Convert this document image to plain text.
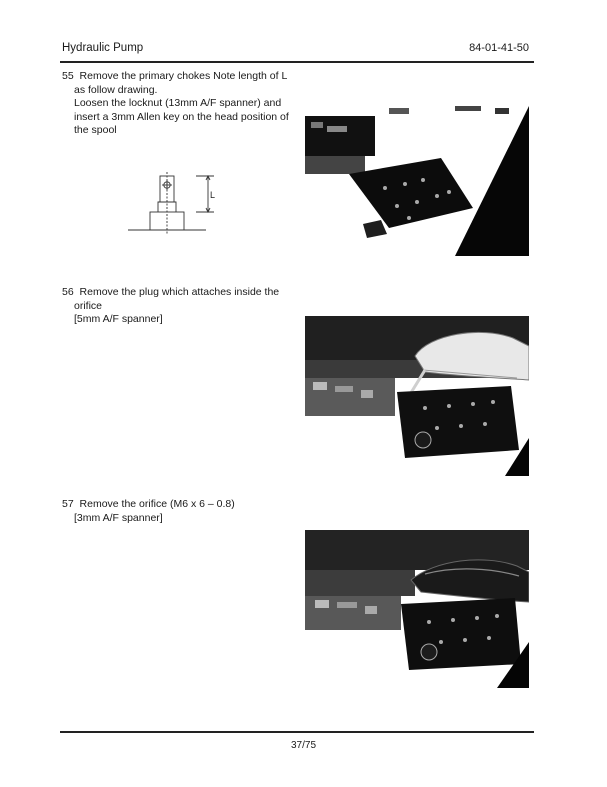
Hydraulic Pump	84-01-41-50
55 Remove the primary chokes Note length of L
as follow drawing.
Loosen the locknut (13mm A/F spanner) and
insert a 3mm Allen key on the head position of
the spool
L
56 Remove the plug which attaches inside the
orifice
[5mm A/F spanner]
57 Remove the orifice (M6 x 6 – 0.8)
[3mm A/F spanner]
37/75
